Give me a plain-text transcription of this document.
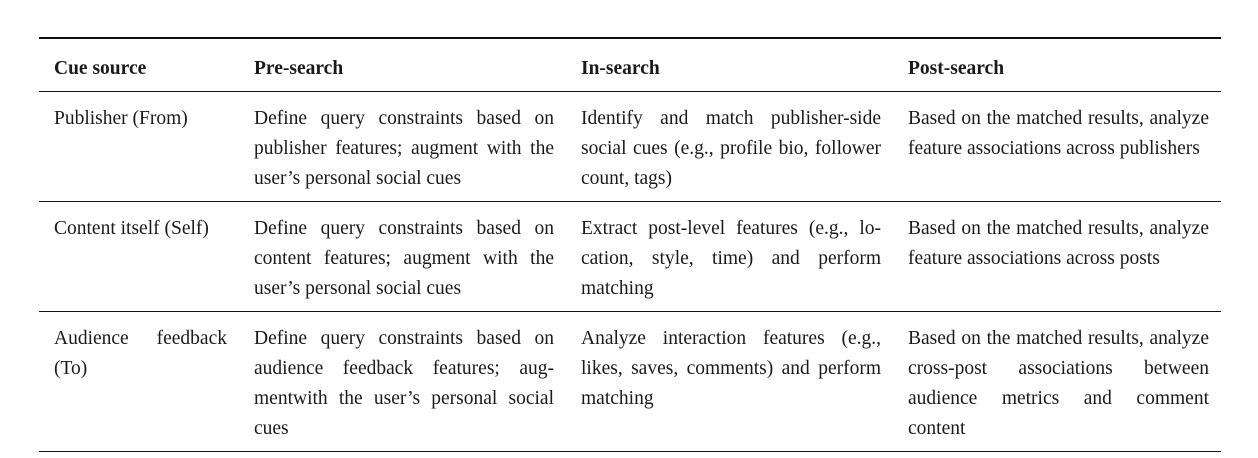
Cue source	Pre-search	In-search	Post-search
Publisher (From)	Define query constraints based on publisher features; augment with the user’s personal social cues	Identify and match publisher-side social cues (e.g., profile bio, follower count, tags)	Based on the matched results, analyze feature associations across publishers
Content itself (Self)	Define query constraints based on content features; augment with the user’s personal social cues	Extract post-level features (e.g., location, style, time) and perform matching	Based on the matched results, analyze feature associations across posts
Audience feedback (To)	Define query constraints based on audience feedback features; augmentwith the user’s personal social cues	Analyze interaction features (e.g., likes, saves, comments) and perform matching	Based on the matched results, analyze cross-post associations between audience metrics and comment content
